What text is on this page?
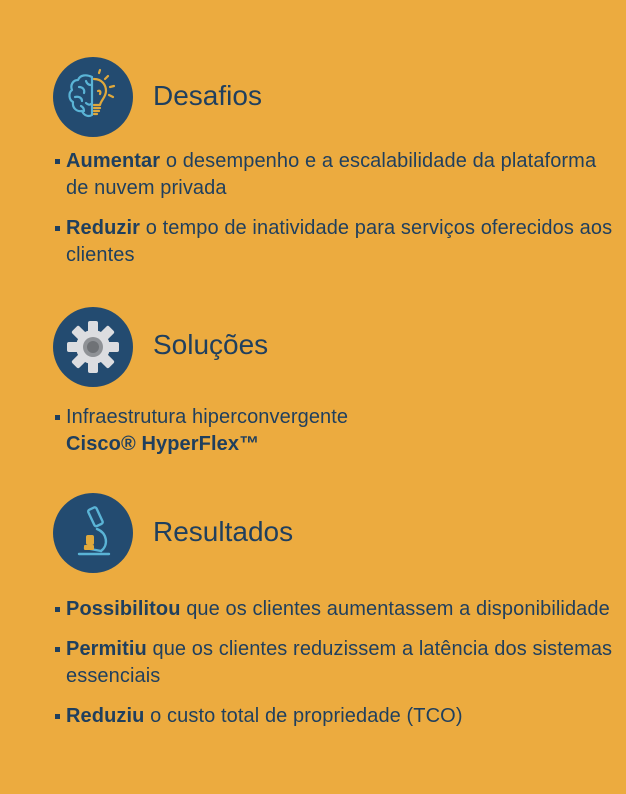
Desafios
Aumentar o desempenho e a escalabilidade da plataforma de nuvem privada
Reduzir o tempo de inatividade para serviços oferecidos aos clientes
Soluções
Infraestrutura hiperconvergente
Cisco® HyperFlex™
Resultados
Possibilitou que os clientes aumentassem a disponibilidade
Permitiu que os clientes reduzissem a latência dos sistemas essenciais
Reduziu o custo total de propriedade (TCO)
